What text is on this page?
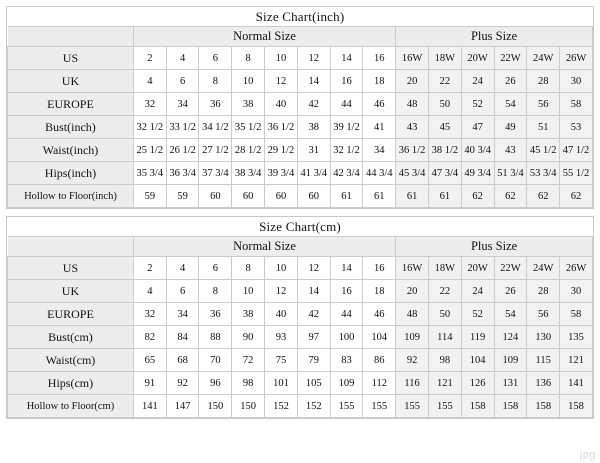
Size Chart(inch)														
	Normal Size								Plus Size					
US	2	4	6	8	10	12	14	16	16W	18W	20W	22W	24W	26W
UK	4	6	8	10	12	14	16	18	20	22	24	26	28	30
EUROPE	32	34	36	38	40	42	44	46	48	50	52	54	56	58
Bust(inch)	32 1/2	33 1/2	34 1/2	35 1/2	36 1/2	38	39 1/2	41	43	45	47	49	51	53
Waist(inch)	25 1/2	26 1/2	27 1/2	28 1/2	29 1/2	31	32 1/2	34	36 1/2	38 1/2	40 3/4	43	45 1/2	47 1/2
Hips(inch)	35 3/4	36 3/4	37 3/4	38 3/4	39 3/4	41 3/4	42 3/4	44 3/4	45 3/4	47 3/4	49 3/4	51 3/4	53 3/4	55 1/2
Hollow to Floor(inch)	59	59	60	60	60	60	61	61	61	61	62	62	62	62
Size Chart(cm)														
	Normal Size								Plus Size					
US	2	4	6	8	10	12	14	16	16W	18W	20W	22W	24W	26W
UK	4	6	8	10	12	14	16	18	20	22	24	26	28	30
EUROPE	32	34	36	38	40	42	44	46	48	50	52	54	56	58
Bust(cm)	82	84	88	90	93	97	100	104	109	114	119	124	130	135
Waist(cm)	65	68	70	72	75	79	83	86	92	98	104	109	115	121
Hips(cm)	91	92	96	98	101	105	109	112	116	121	126	131	136	141
Hollow to Floor(cm)	141	147	150	150	152	152	155	155	155	155	158	158	158	158
jpg
